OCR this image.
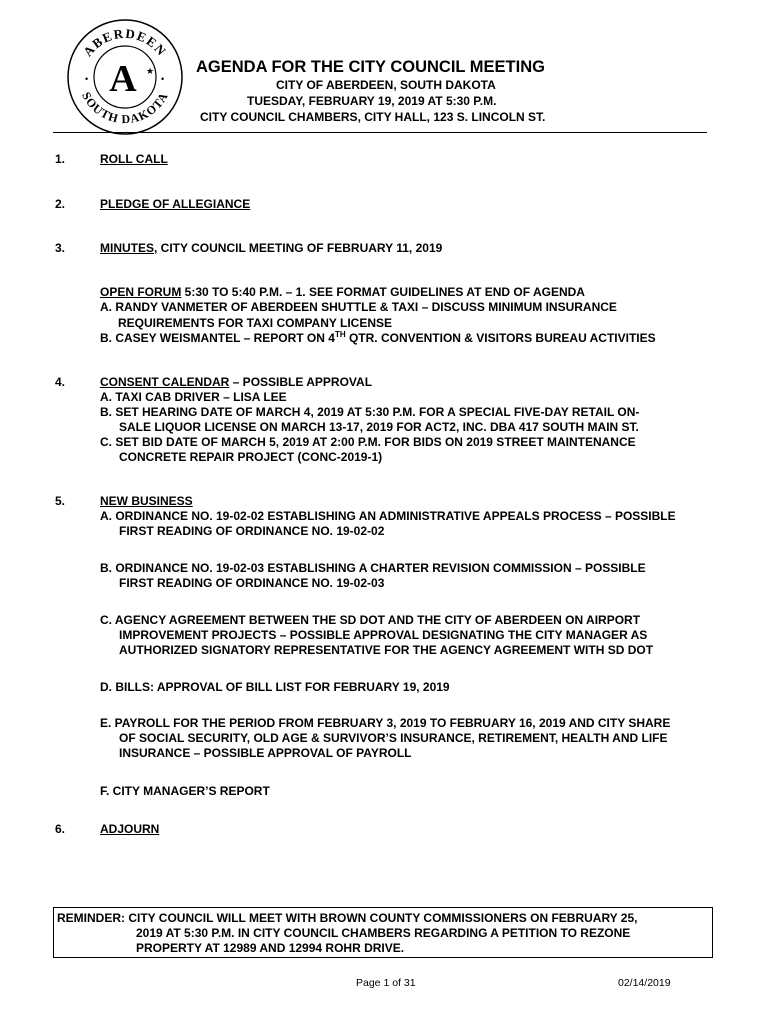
ABERDEEN
SOUTH DAKOTA
A ★
•	•
AGENDA FOR THE CITY COUNCIL MEETING
CITY OF ABERDEEN, SOUTH DAKOTA
TUESDAY, FEBRUARY 19, 2019 AT 5:30 P.M.
CITY COUNCIL CHAMBERS, CITY HALL, 123 S. LINCOLN ST.
1.	ROLL CALL
2.	PLEDGE OF ALLEGIANCE
3.	MINUTES, CITY COUNCIL MEETING OF FEBRUARY 11, 2019
OPEN FORUM 5:30 TO 5:40 P.M. – 1. SEE FORMAT GUIDELINES AT END OF AGENDA
A. RANDY VANMETER OF ABERDEEN SHUTTLE & TAXI – DISCUSS MINIMUM INSURANCE
REQUIREMENTS FOR TAXI COMPANY LICENSE
B. CASEY WEISMANTEL – REPORT ON 4TH QTR. CONVENTION & VISITORS BUREAU ACTIVITIES
4.	CONSENT CALENDAR – POSSIBLE APPROVAL
A. TAXI CAB DRIVER – LISA LEE
B. SET HEARING DATE OF MARCH 4, 2019 AT 5:30 P.M. FOR A SPECIAL FIVE-DAY RETAIL ON-
SALE LIQUOR LICENSE ON MARCH 13-17, 2019 FOR ACT2, INC. DBA 417 SOUTH MAIN ST.
C. SET BID DATE OF MARCH 5, 2019 AT 2:00 P.M. FOR BIDS ON 2019 STREET MAINTENANCE
CONCRETE REPAIR PROJECT (CONC-2019-1)
5.	NEW BUSINESS
A. ORDINANCE NO. 19-02-02 ESTABLISHING AN ADMINISTRATIVE APPEALS PROCESS – POSSIBLE
FIRST READING OF ORDINANCE NO. 19-02-02
B. ORDINANCE NO. 19-02-03 ESTABLISHING A CHARTER REVISION COMMISSION – POSSIBLE
FIRST READING OF ORDINANCE NO. 19-02-03
C. AGENCY AGREEMENT BETWEEN THE SD DOT AND THE CITY OF ABERDEEN ON AIRPORT
IMPROVEMENT PROJECTS – POSSIBLE APPROVAL DESIGNATING THE CITY MANAGER AS
AUTHORIZED SIGNATORY REPRESENTATIVE FOR THE AGENCY AGREEMENT WITH SD DOT
D. BILLS: APPROVAL OF BILL LIST FOR FEBRUARY 19, 2019
E. PAYROLL FOR THE PERIOD FROM FEBRUARY 3, 2019 TO FEBRUARY 16, 2019 AND CITY SHARE
OF SOCIAL SECURITY, OLD AGE & SURVIVOR’S INSURANCE, RETIREMENT, HEALTH AND LIFE
INSURANCE – POSSIBLE APPROVAL OF PAYROLL
F. CITY MANAGER’S REPORT
6.	ADJOURN
REMINDER: CITY COUNCIL WILL MEET WITH BROWN COUNTY COMMISSIONERS ON FEBRUARY 25,
2019 AT 5:30 P.M. IN CITY COUNCIL CHAMBERS REGARDING A PETITION TO REZONE
PROPERTY AT 12989 AND 12994 ROHR DRIVE.
Page 1 of 31	02/14/2019
